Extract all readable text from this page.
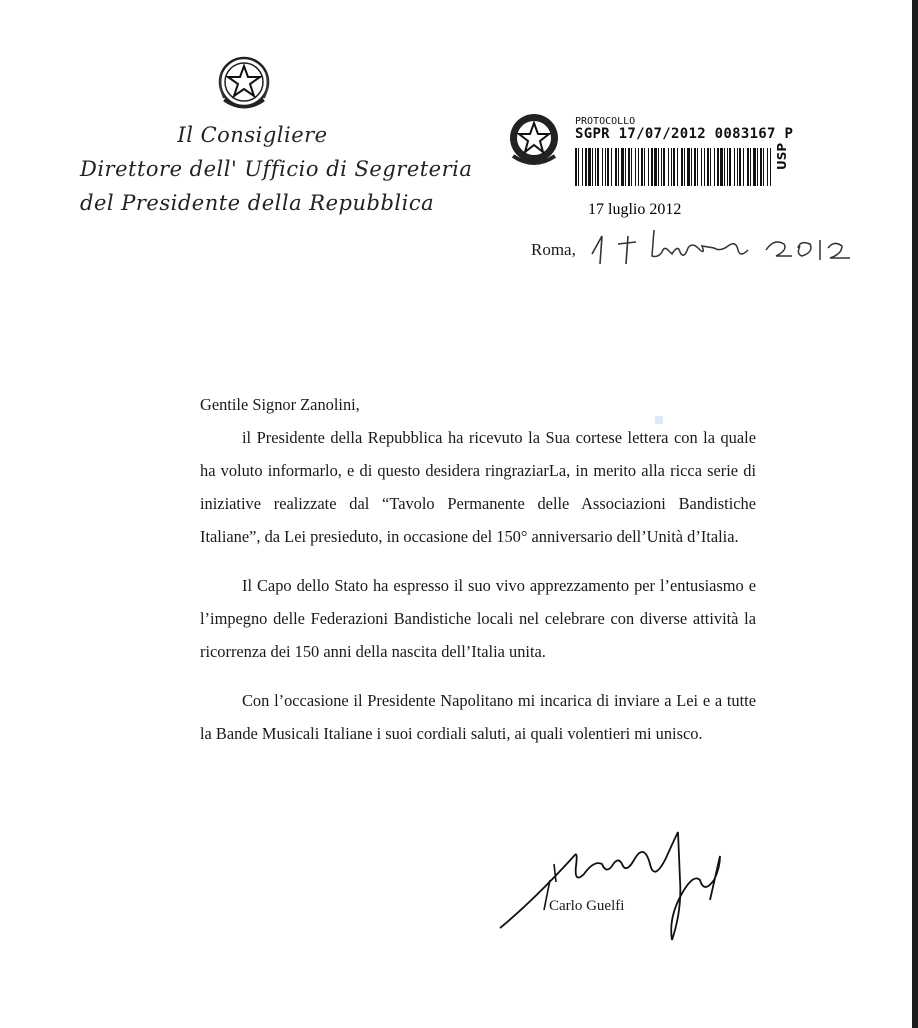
Il Consigliere
Direttore dell' Ufficio di Segreteria
del Presidente della Repubblica
PROTOCOLLO
SGPR 17/07/2012 0083167 P
USP
Roma,
17 luglio 2012

Gentile Signor Zanolini,

il Presidente della Repubblica ha ricevuto la Sua cortese lettera con la quale ha voluto informarlo, e di questo desidera ringraziarLa, in merito alla ricca serie di iniziative realizzate dal “Tavolo Permanente delle Associazioni Bandistiche Italiane”, da Lei presieduto, in occasione del 150° anniversario dell’Unità d’Italia.

Il Capo dello Stato ha espresso il suo vivo apprezzamento per l’entusiasmo e l’impegno delle Federazioni Bandistiche locali nel celebrare con diverse attività la ricorrenza dei 150 anni della nascita dell’Italia unita.

Con l’occasione il Presidente Napolitano mi incarica di inviare a Lei e a tutte la Bande Musicali Italiane i suoi cordiali saluti, ai quali volentieri mi unisco.

Carlo Guelfi
